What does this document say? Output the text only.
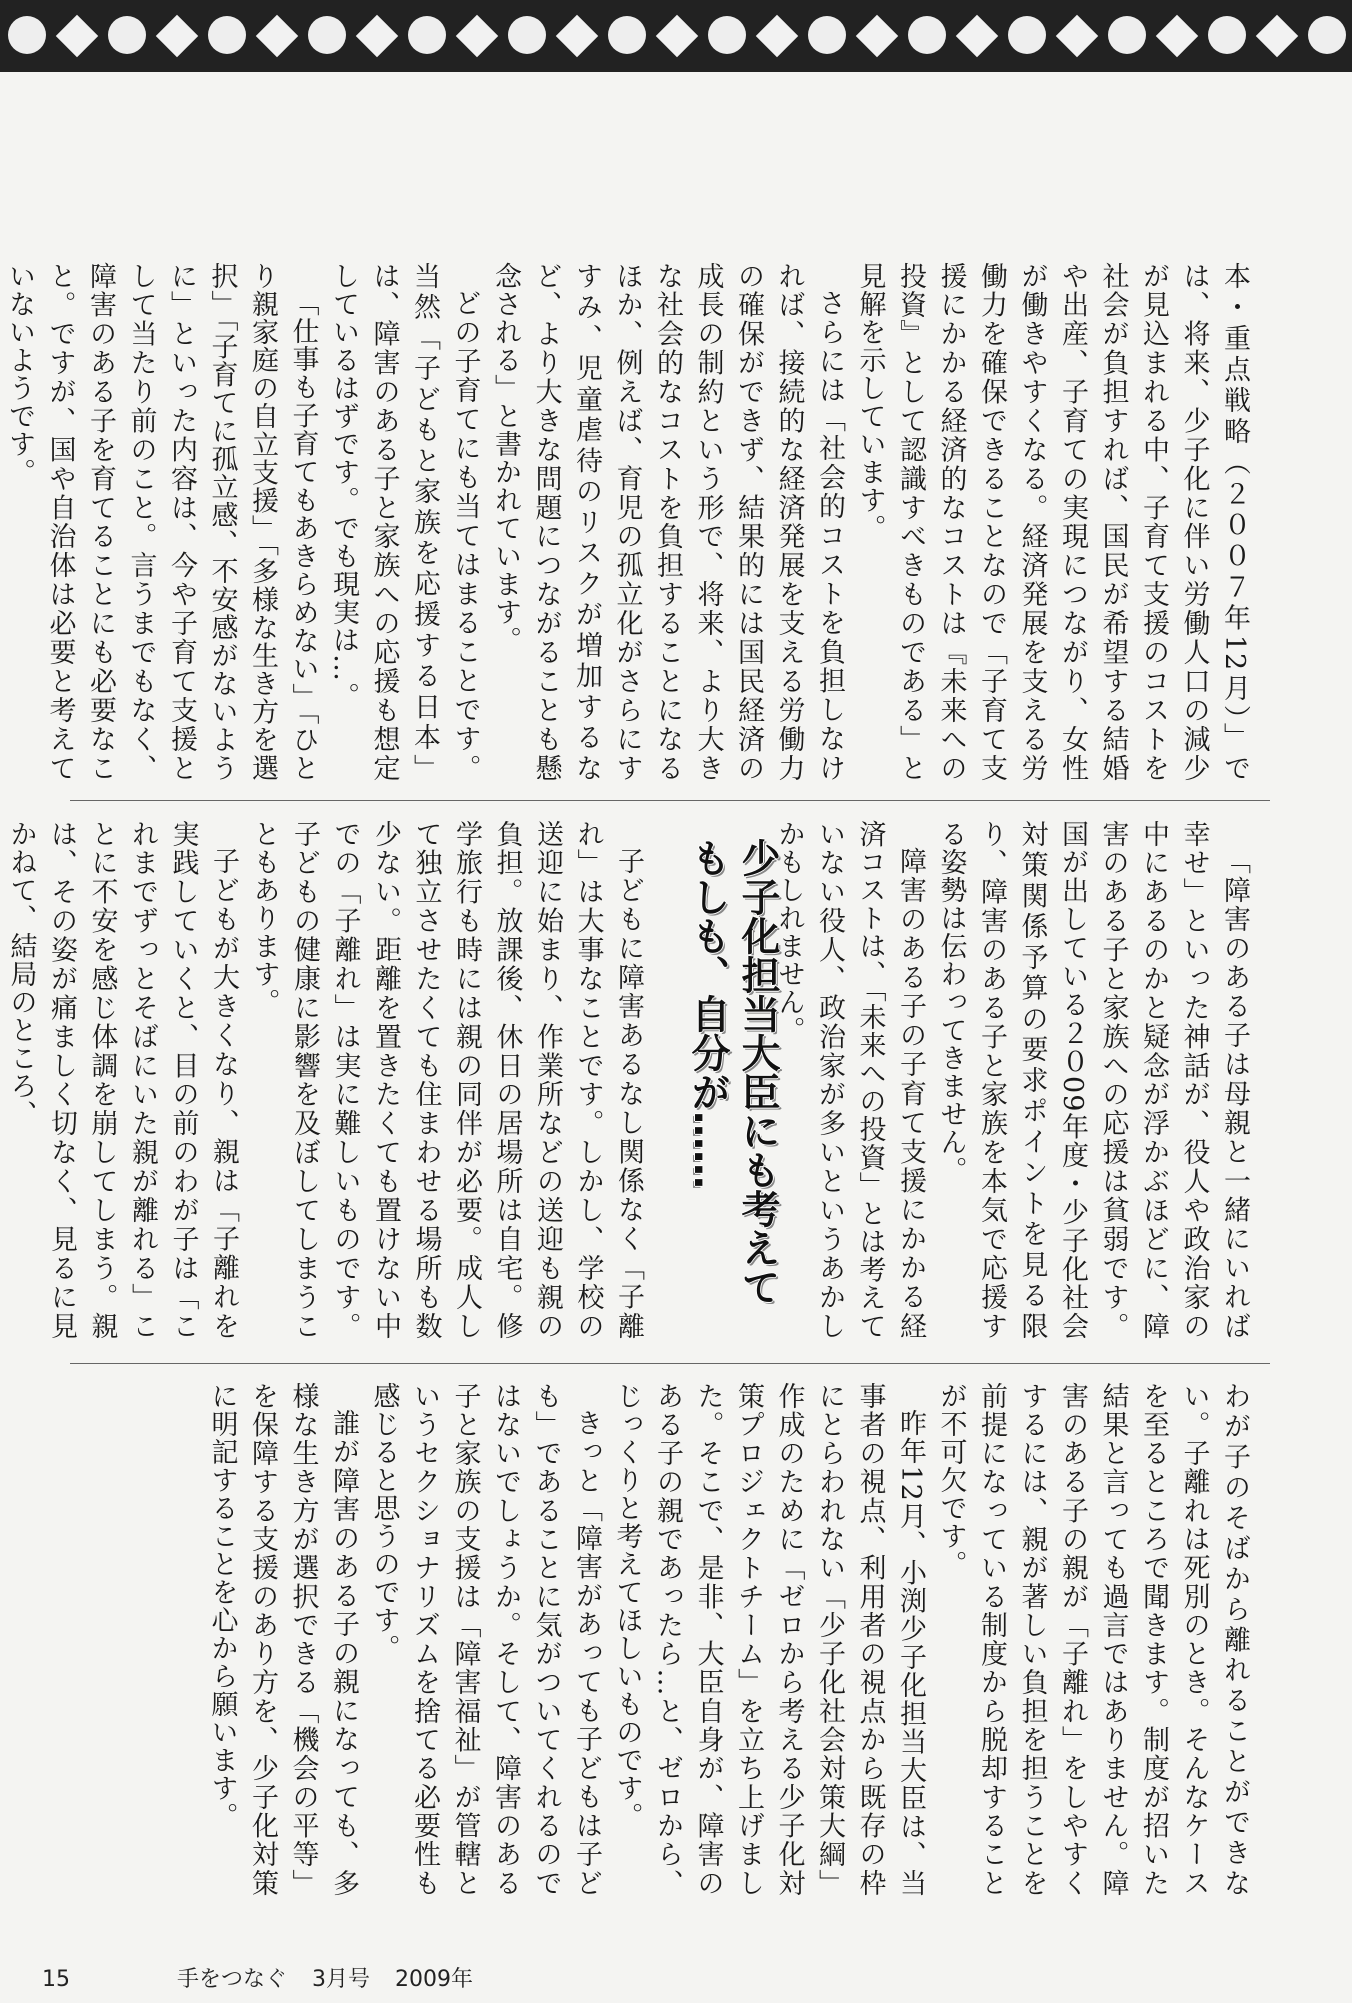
本・重点戦略（２００７年12月）」では、将来、少子化に伴い労働人口の減少が見込まれる中、子育て支援のコストを社会が負担すれば、国民が希望する結婚や出産、子育ての実現につながり、女性が働きやすくなる。経済発展を支える労働力を確保できることなので「子育て支援にかかる経済的なコストは『未来への投資』として認識すべきものである」と見解を示しています。

さらには「社会的コストを負担しなければ、接続的な経済発展を支える労働力の確保ができず、結果的には国民経済の成長の制約という形で、将来、より大きな社会的なコストを負担することになるほか、例えば、育児の孤立化がさらにすすみ、児童虐待のリスクが増加するなど、より大きな問題につながることも懸念される」と書かれています。

どの子育てにも当てはまることです。当然「子どもと家族を応援する日本」は、障害のある子と家族への応援も想定しているはずです。でも現実は…。

「仕事も子育てもあきらめない」「ひとり親家庭の自立支援」「多様な生き方を選択」「子育てに孤立感、不安感がないように」といった内容は、今や子育て支援として当たり前のこと。言うまでもなく、障害のある子を育てることにも必要なこと。ですが、国や自治体は必要と考えていないようです。

「障害のある子は母親と一緒にいれば幸せ」といった神話が、役人や政治家の中にあるのかと疑念が浮かぶほどに、障害のある子と家族への応援は貧弱です。国が出している２０09年度・少子化社会対策関係予算の要求ポイントを見る限り、障害のある子と家族を本気で応援する姿勢は伝わってきません。

障害のある子の子育て支援にかかる経済コストは、「未来への投資」とは考えていない役人、政治家が多いというあかしかもしれません。

子どもに障害あるなし関係なく「子離れ」は大事なことです。しかし、学校の送迎に始まり、作業所などの送迎も親の負担。放課後、休日の居場所は自宅。修学旅行も時には親の同伴が必要。成人して独立させたくても住まわせる場所も数少ない。距離を置きたくても置けない中での「子離れ」は実に難しいものです。子どもの健康に影響を及ぼしてしまうこともあります。

子どもが大きくなり、親は「子離れを実践していくと、目の前のわが子は「これまでずっとそばにいた親が離れる」ことに不安を感じ体調を崩してしまう。親は、その姿が痛ましく切なく、見るに見かねて、結局のところ、	少子化担当大臣にも考えて
もしも、自分が……

わが子のそばから離れることができない。子離れは死別のとき。そんなケースを至るところで聞きます。制度が招いた結果と言っても過言ではありません。障害のある子の親が「子離れ」をしやすくするには、親が著しい負担を担うことを前提になっている制度から脱却することが不可欠です。

昨年12月、小渕少子化担当大臣は、当事者の視点、利用者の視点から既存の枠にとらわれない「少子化社会対策大綱」作成のために「ゼロから考える少子化対策プロジェクトチーム」を立ち上げました。そこで、是非、大臣自身が、障害のある子の親であったら…と、ゼロから、じっくりと考えてほしいものです。

きっと「障害があっても子どもは子ども」であることに気がついてくれるのではないでしょうか。そして、障害のある子と家族の支援は「障害福祉」が管轄というセクショナリズムを捨てる必要性も感じると思うのです。

誰が障害のある子の親になっても、多様な生き方が選択できる「機会の平等」を保障する支援のあり方を、少子化対策に明記することを心から願います。

15	手をつなぐ 3月号 2009年
